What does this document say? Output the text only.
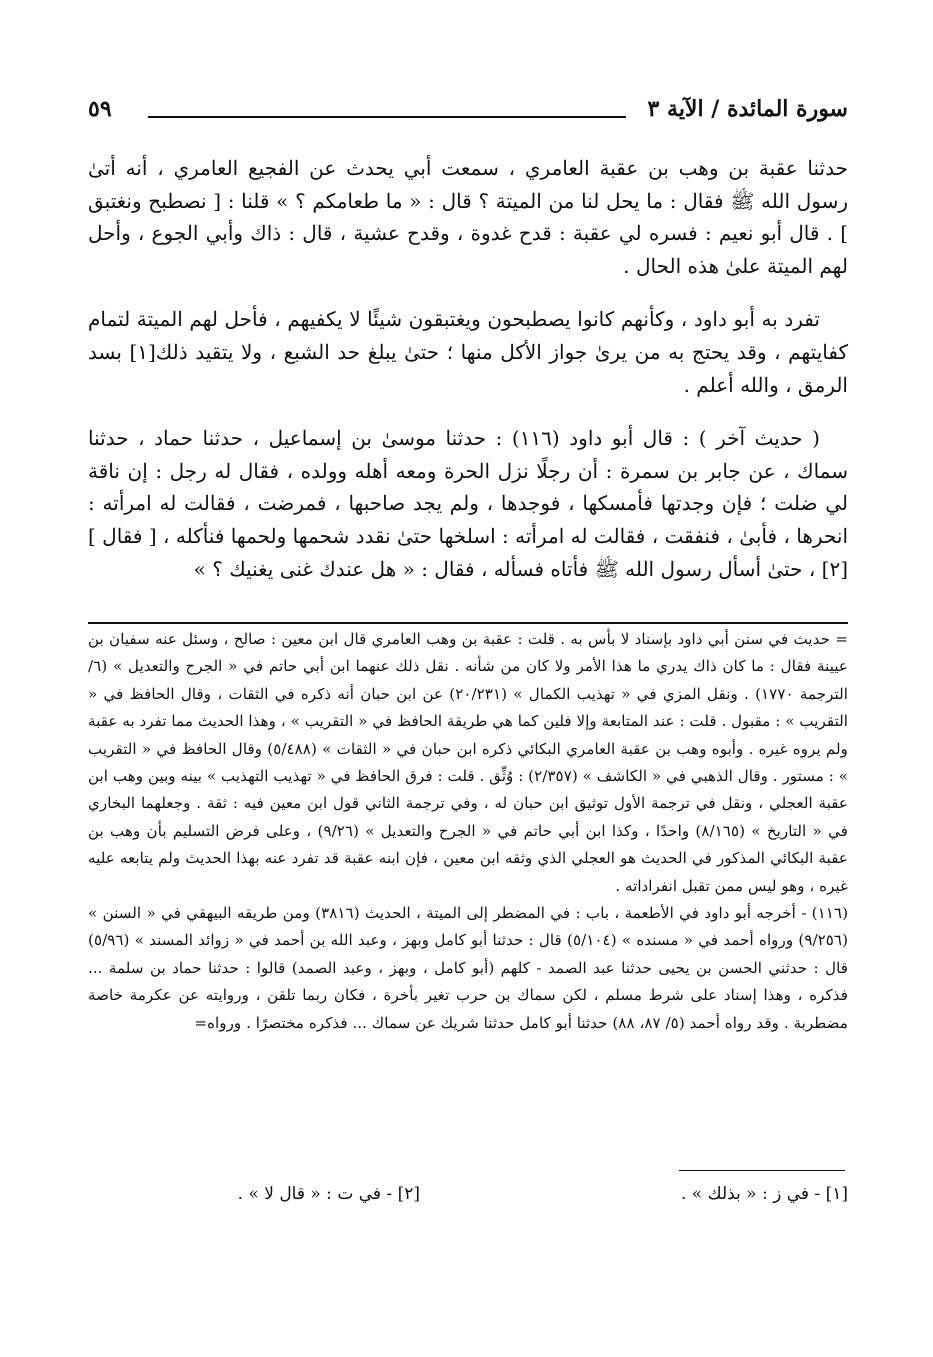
سورة المائدة / الآية ٣
٥٩

حدثنا عقبة بن وهب بن عقبة العامري ، سمعت أبي يحدث عن الفجيع العامري ، أنه أتىٰ رسول الله ﷺ فقال : ما يحل لنا من الميتة ؟ قال : « ما طعامكم ؟ » قلنا : [ نصطبح ونغتبق ] . قال أبو نعيم : فسره لي عقبة : قدح غدوة ، وقدح عشية ، قال : ذاك وأبي الجوع ، وأحل لهم الميتة علىٰ هذه الحال .

تفرد به أبو داود ، وكأنهم كانوا يصطبحون ويغتبقون شيئًا لا يكفيهم ، فأحل لهم الميتة لتمام كفايتهم ، وقد يحتج به من يرىٰ جواز الأكل منها ؛ حتىٰ يبلغ حد الشبع ، ولا يتقيد ذلك[١] بسد الرمق ، والله أعلم .

( حديث آخر ) : قال أبو داود (١١٦) : حدثنا موسىٰ بن إسماعيل ، حدثنا حماد ، حدثنا سماك ، عن جابر بن سمرة : أن رجلًا نزل الحرة ومعه أهله وولده ، فقال له رجل : إن ناقة لي ضلت ؛ فإن وجدتها فأمسكها ، فوجدها ، ولم يجد صاحبها ، فمرضت ، فقالت له امرأته : انحرها ، فأبىٰ ، فنفقت ، فقالت له امرأته : اسلخها حتىٰ نقدد شحمها ولحمها فنأكله ، [ فقال ][٢] ، حتىٰ أسأل رسول الله ﷺ فأتاه فسأله ، فقال : « هل عندك غنى يغنيك ؟ »

= حديث في سنن أبي داود بإسناد لا بأس به . قلت : عقبة بن وهب العامري قال ابن معين : صالح ، وسئل عنه سفيان بن عيينة فقال : ما كان ذاك يدري ما هذا الأمر ولا كان من شأنه . نقل ذلك عنهما ابن أبي حاتم في « الجرح والتعديل » (٦/الترجمة ١٧٧٠) . ونقل المزي في « تهذيب الكمال » (٢٠/٢٣١) عن ابن حبان أنه ذكره في الثقات ، وقال الحافظ في « التقريب » : مقبول . قلت : عند المتابعة وإلا فلين كما هي طريقة الحافظ في « التقريب » ، وهذا الحديث مما تفرد به عقبة ولم يروه غيره . وأبوه وهب بن عقبة العامري البكائي ذكره ابن حبان في « الثقات » (٥/٤٨٨) وقال الحافظ في « التقريب » : مستور . وقال الذهبي في « الكاشف » (٢/٣٥٧) : وُثِّق . قلت : فرق الحافظ في « تهذيب التهذيب » بينه وبين وهب ابن عقبة العجلي ، ونقل في ترجمة الأول توثيق ابن حبان له ، وفي ترجمة الثاني قول ابن معين فيه : ثقة . وجعلهما البخاري في « التاريخ » (٨/١٦٥) واحدًا ، وكذا ابن أبي حاتم في « الجرح والتعديل » (٩/٢٦) ، وعلى فرض التسليم بأن وهب بن عقبة البكائي المذكور في الحديث هو العجلي الذي وثقه ابن معين ، فإن ابنه عقبة قد تفرد عنه بهذا الحديث ولم يتابعه عليه غيره ، وهو ليس ممن تقبل انفراداته .

(١١٦) - أخرجه أبو داود في الأطعمة ، باب : في المضطر إلى الميتة ، الحديث (٣٨١٦) ومن طريقه البيهقي في « السنن » (٩/٢٥٦) ورواه أحمد في « مسنده » (٥/١٠٤) قال : حدثنا أبو كامل وبهز ، وعبد الله بن أحمد في « زوائد المسند » (٥/٩٦) قال : حدثني الحسن بن يحيى حدثنا عبد الصمد - كلهم (أبو كامل ، وبهز ، وعبد الصمد) قالوا : حدثنا حماد بن سلمة ... فذكره ، وهذا إسناد على شرط مسلم ، لكن سماك بن حرب تغير بأخرة ، فكان ربما تلقن ، وروايته عن عكرمة خاصة مضطربة . وقد رواه أحمد (٥/ ٨٧، ٨٨) حدثنا أبو كامل حدثنا شريك عن سماك ... فذكره مختصرًا . ورواه=

[١] - في ز : « بذلك » .
[٢] - في ت : « قال لا » .
